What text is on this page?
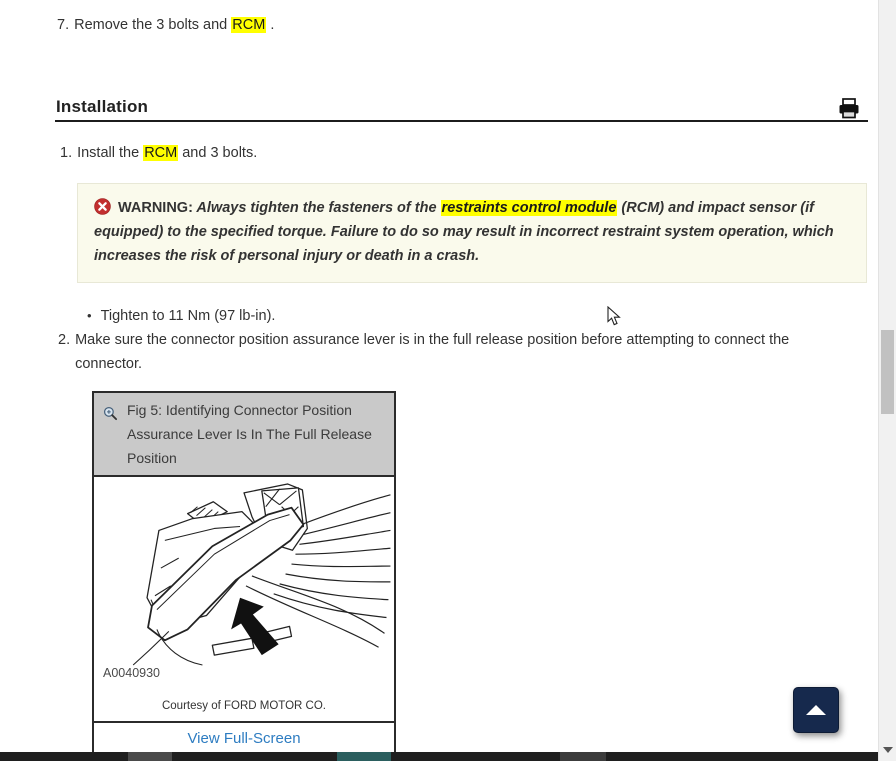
7. Remove the 3 bolts and RCM .
Installation
1. Install the RCM and 3 bolts.
WARNING: Always tighten the fasteners of the restraints control module (RCM) and impact sensor (if equipped) to the specified torque. Failure to do so may result in incorrect restraint system operation, which increases the risk of personal injury or death in a crash.
• Tighten to 11 Nm (97 lb-in).
2. Make sure the connector position assurance lever is in the full release position before attempting to connect the connector.
Fig 5: Identifying Connector Position Assurance Lever Is In The Full Release Position
A0040930
Courtesy of FORD MOTOR CO.
View Full-Screen
